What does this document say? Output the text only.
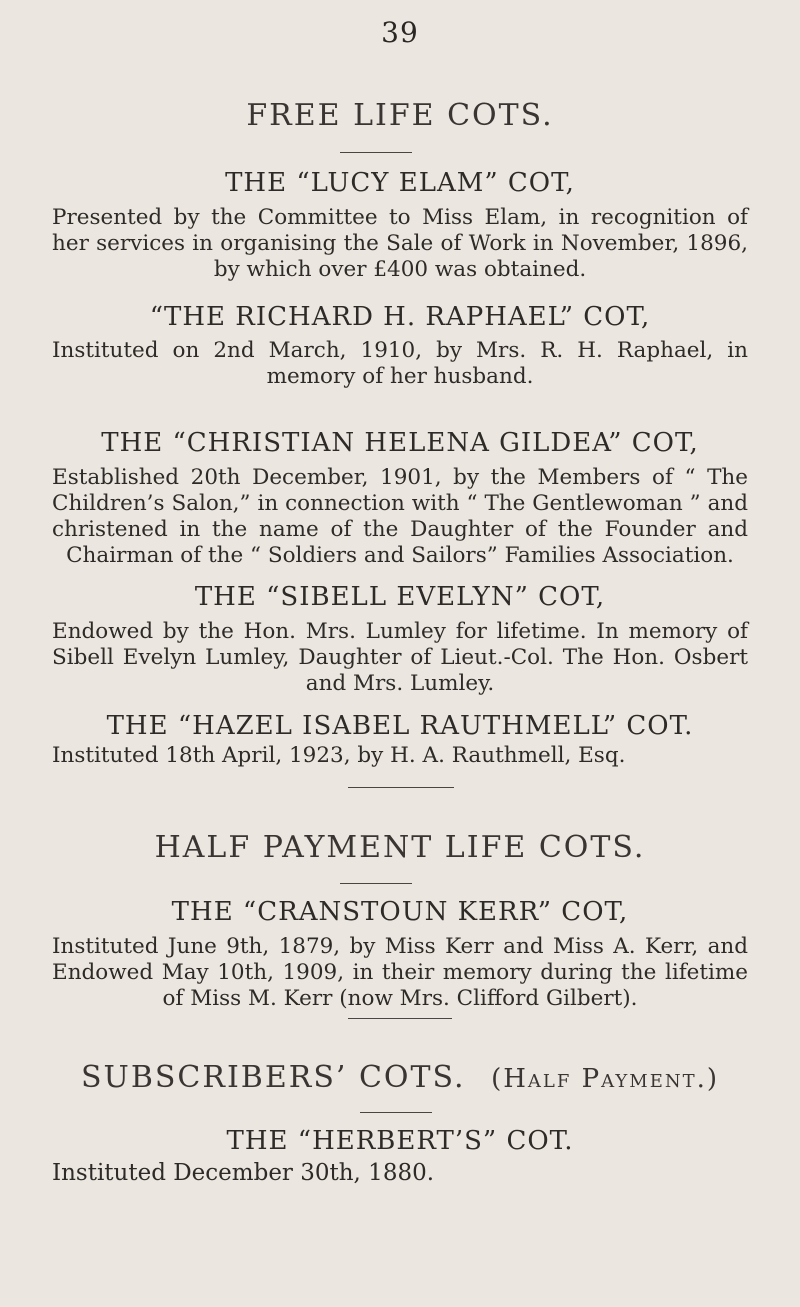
39
FREE LIFE COTS.
THE “LUCY ELAM” COT,
Presented by the Committee to Miss Elam, in recognition of her services in organising the Sale of Work in November, 1896, by which over £400 was obtained.
“THE RICHARD H. RAPHAEL” COT,
Instituted on 2nd March, 1910, by Mrs. R. H. Raphael, in memory of her husband.
THE “CHRISTIAN HELENA GILDEA” COT,
Established 20th December, 1901, by the Members of “ The Children’s Salon,” in connection with “ The Gentlewoman ” and christened in the name of the Daughter of the Founder and Chairman of the “ Soldiers and Sailors” Families Association.
THE “SIBELL EVELYN” COT,
Endowed by the Hon. Mrs. Lumley for lifetime. In memory of Sibell Evelyn Lumley, Daughter of Lieut.-Col. The Hon. Osbert and Mrs. Lumley.
THE “HAZEL ISABEL RAUTHMELL” COT.
Instituted 18th April, 1923, by H. A. Rauthmell, Esq.
HALF PAYMENT LIFE COTS.
THE “CRANSTOUN KERR” COT,
Instituted June 9th, 1879, by Miss Kerr and Miss A. Kerr, and Endowed May 10th, 1909, in their memory during the lifetime of Miss M. Kerr (now Mrs. Clifford Gilbert).
SUBSCRIBERS’ COTS. (Half Payment.)
THE “HERBERT’S” COT.
Instituted December 30th, 1880.
